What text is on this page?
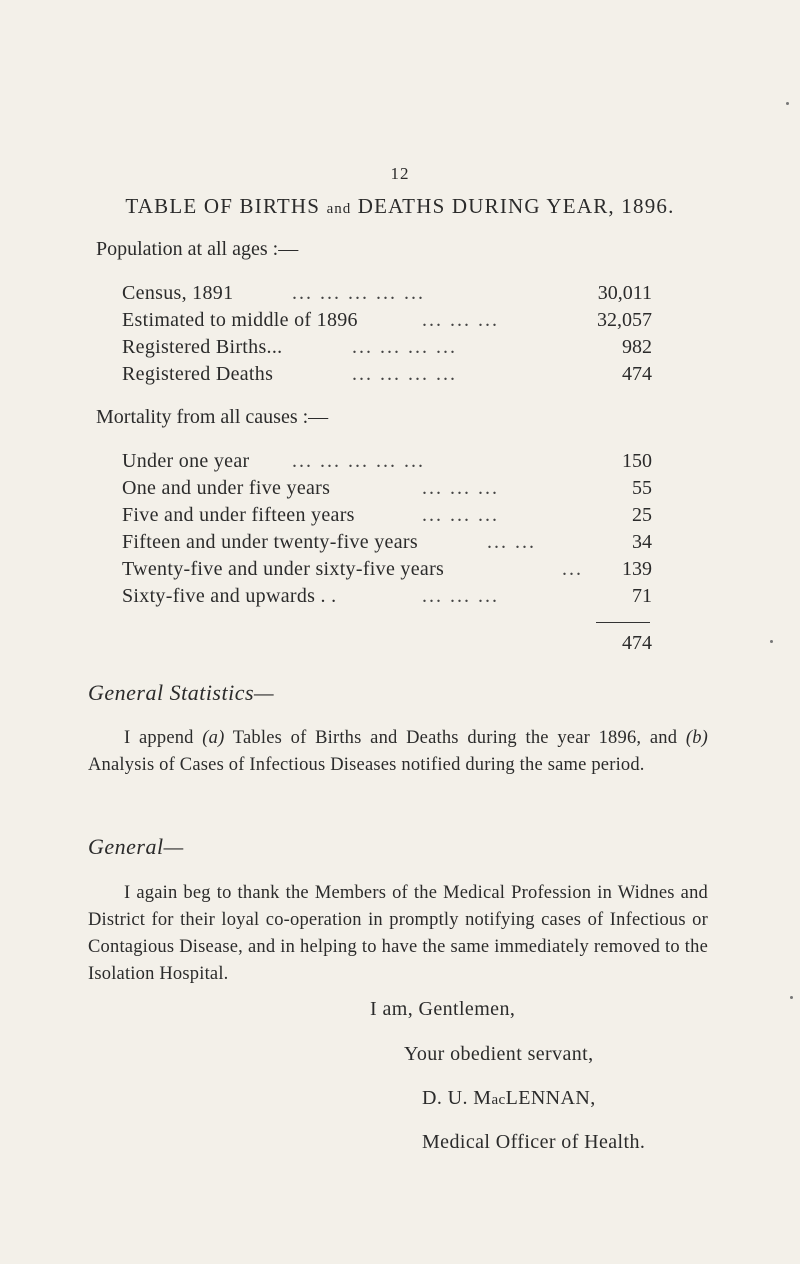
12
TABLE OF BIRTHS and DEATHS DURING YEAR, 1896.
Population at all ages :—
Census, 1891	... ... ... ... ...	30,011
Estimated to middle of 1896	... ... ...	32,057
Registered Births...	... ... ... ...	982
Registered Deaths	... ... ... ...	474
Mortality from all causes :—
Under one year ... ... ... ... ...	150
One and under five years	... ... ...	55
Five and under fifteen years	... ... ...	25
Fifteen and under twenty-five years	... ...	34
Twenty-five and under sixty-five years	...	139
Sixty-five and upwards . .	... ... ...	71
474
General Statistics—
I append (a) Tables of Births and Deaths during the year 1896, and (b) Analysis of Cases of Infectious Diseases notified during the same period.
General—
I again beg to thank the Members of the Medical Profession in Widnes and District for their loyal co-operation in promptly notifying cases of Infectious or Contagious Disease, and in helping to have the same immediately removed to the Isolation Hospital.
I am, Gentlemen,
Your obedient servant,
D. U. MacLENNAN,
Medical Officer of Health.
